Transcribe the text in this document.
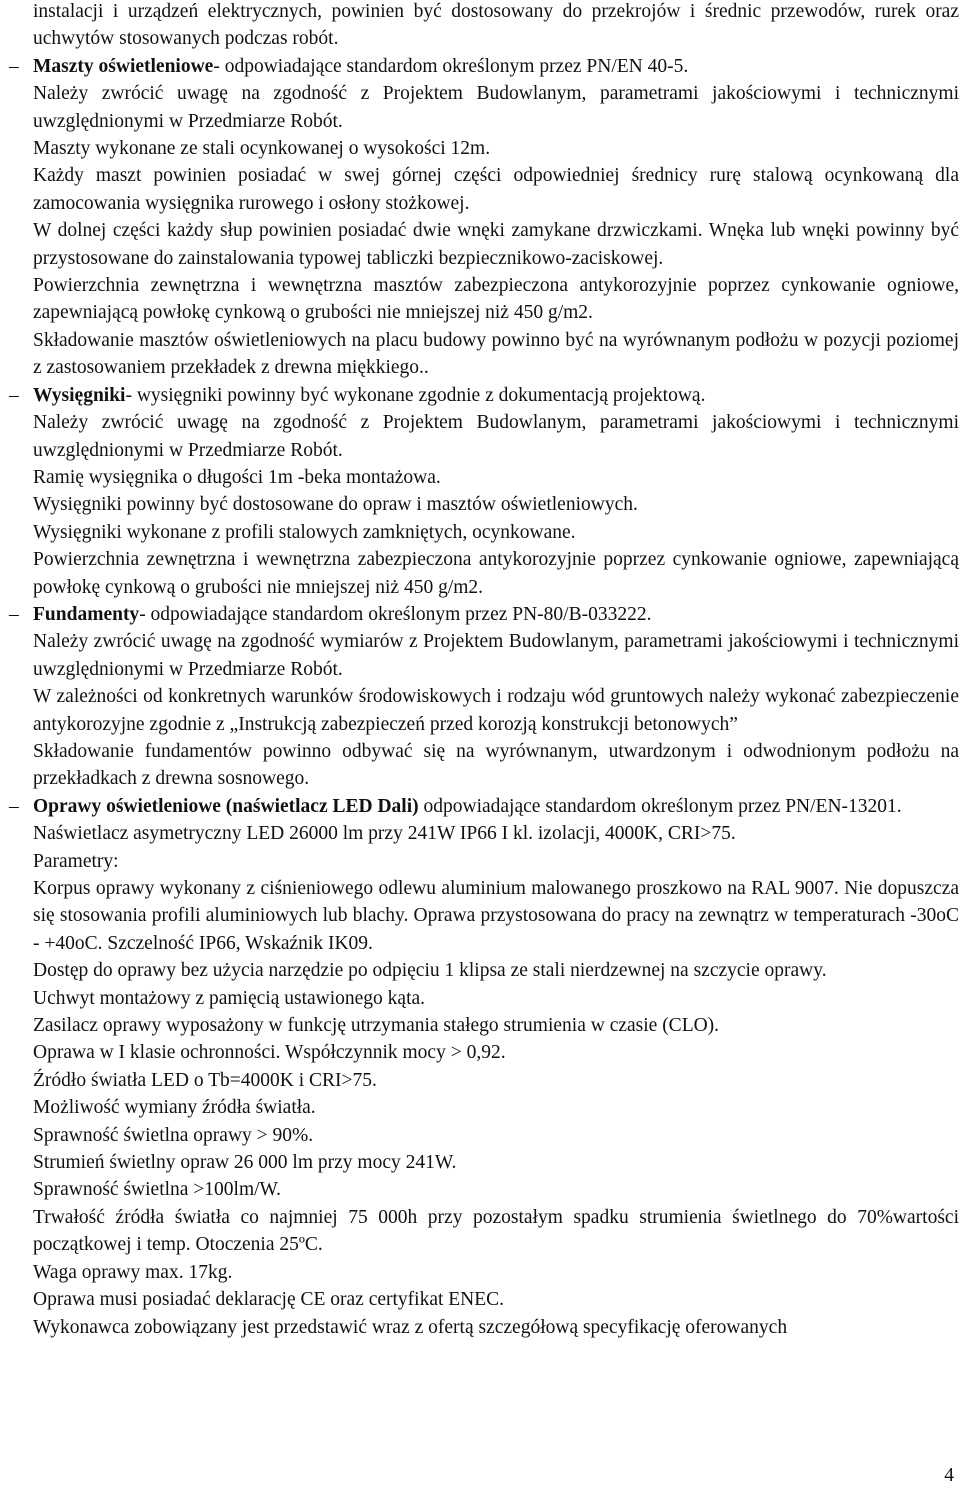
instalacji i urządzeń elektrycznych, powinien być dostosowany do przekrojów i średnic przewodów, rurek oraz uchwytów stosowanych podczas robót.

– Maszty oświetleniowe- odpowiadające standardom określonym przez PN/EN 40-5.

Należy zwrócić uwagę na zgodność z Projektem Budowlanym, parametrami jakościowymi i technicznymi uwzględnionymi w Przedmiarze Robót.

Maszty wykonane ze stali ocynkowanej o wysokości 12m.

Każdy maszt powinien posiadać w swej górnej części odpowiedniej średnicy rurę stalową ocynkowaną dla zamocowania wysięgnika rurowego i osłony stożkowej.

W dolnej części każdy słup powinien posiadać dwie wnęki zamykane drzwiczkami. Wnęka lub wnęki powinny być przystosowane do zainstalowania typowej tabliczki bezpiecznikowo-zaciskowej.

Powierzchnia zewnętrzna i wewnętrzna masztów zabezpieczona antykorozyjnie poprzez cynkowanie ogniowe, zapewniającą powłokę cynkową o grubości nie mniejszej niż 450 g/m2.

Składowanie masztów oświetleniowych na placu budowy powinno być na wyrównanym podłożu w pozycji poziomej z zastosowaniem przekładek z drewna miękkiego..

– Wysięgniki- wysięgniki powinny być wykonane zgodnie z dokumentacją projektową.

Należy zwrócić uwagę na zgodność z Projektem Budowlanym, parametrami jakościowymi i technicznymi uwzględnionymi w Przedmiarze Robót.

Ramię wysięgnika o długości 1m -beka montażowa.

Wysięgniki powinny być dostosowane do opraw i masztów oświetleniowych.

Wysięgniki wykonane z profili stalowych zamkniętych, ocynkowane.

Powierzchnia zewnętrzna i wewnętrzna zabezpieczona antykorozyjnie poprzez cynkowanie ogniowe, zapewniającą powłokę cynkową o grubości nie mniejszej niż 450 g/m2.

– Fundamenty- odpowiadające standardom określonym przez PN-80/B-033222.

Należy zwrócić uwagę na zgodność wymiarów z Projektem Budowlanym, parametrami jakościowymi i technicznymi uwzględnionymi w Przedmiarze Robót.

W zależności od konkretnych warunków środowiskowych i rodzaju wód gruntowych należy wykonać zabezpieczenie antykorozyjne zgodnie z „Instrukcją zabezpieczeń przed korozją konstrukcji betonowych”

Składowanie fundamentów powinno odbywać się na wyrównanym, utwardzonym i odwodnionym podłożu na przekładkach z drewna sosnowego.

– Oprawy oświetleniowe (naświetlacz LED Dali) odpowiadające standardom określonym przez PN/EN-13201.

Naświetlacz asymetryczny LED 26000 lm przy 241W IP66 I kl. izolacji, 4000K, CRI>75.

Parametry:

Korpus oprawy wykonany z ciśnieniowego odlewu aluminium malowanego proszkowo na RAL 9007. Nie dopuszcza się stosowania profili aluminiowych lub blachy. Oprawa przystosowana do pracy na zewnątrz w temperaturach -30oC - +40oC. Szczelność IP66, Wskaźnik IK09.

Dostęp do oprawy bez użycia narzędzie po odpięciu 1 klipsa ze stali nierdzewnej na szczycie oprawy.

Uchwyt montażowy z pamięcią ustawionego kąta.

Zasilacz oprawy wyposażony w funkcję utrzymania stałego strumienia w czasie (CLO).

Oprawa w I klasie ochronności. Współczynnik mocy > 0,92.

Źródło światła LED o Tb=4000K i CRI>75.

Możliwość wymiany źródła światła.

Sprawność świetlna oprawy > 90%.

Strumień świetlny opraw 26 000 lm przy mocy 241W.

Sprawność świetlna >100lm/W.

Trwałość źródła światła co najmniej 75 000h przy pozostałym spadku strumienia świetlnego do 70%wartości początkowej i temp. Otoczenia 25ºC.

Waga oprawy max. 17kg.

Oprawa musi posiadać deklarację CE oraz certyfikat ENEC.

Wykonawca zobowiązany jest przedstawić wraz z ofertą szczegółową specyfikację oferowanych

4
